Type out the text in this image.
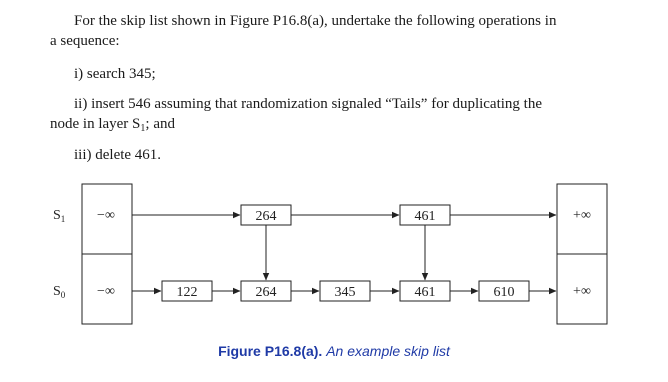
For the skip list shown in Figure P16.8(a), undertake the following operations in

a sequence:

i) search 345;

ii) insert 546 assuming that randomization signaled “Tails” for duplicating the

node in layer $S_1$; and

iii) delete 461.

$S_1$
$S_0$
−∞
−∞
+∞
+∞
264	461
122	264	345	461	610
Figure P16.8(a). An example skip list
